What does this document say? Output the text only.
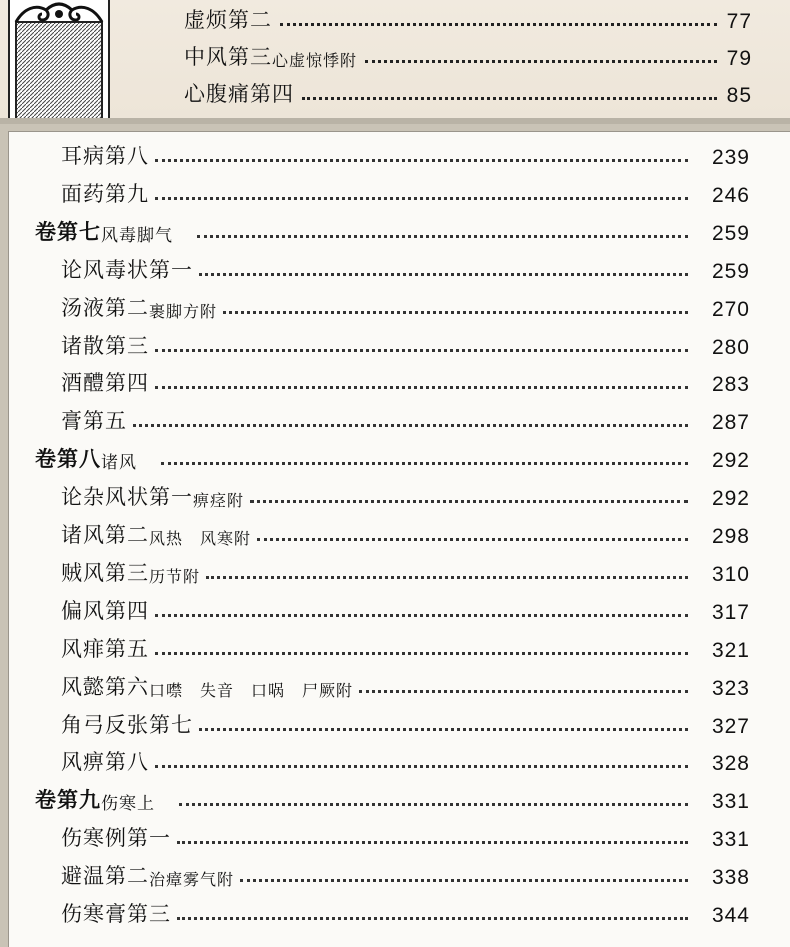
虚烦第二	77
中风第三 心虚惊悸附	79
心腹痛第四	85
耳病第八	239
面药第九	246
卷第七 风毒脚气	259
论风毒状第一	259
汤液第二 裹脚方附	270
诸散第三	280
酒醴第四	283
膏第五	287
卷第八 诸风	292
论杂风状第一 痹痉附	292
诸风第二 风热　风寒附	298
贼风第三 历节附	310
偏风第四	317
风痱第五	321
风懿第六 口噤　失音　口㖞　尸厥附	323
角弓反张第七	327
风痹第八	328
卷第九 伤寒上	331
伤寒例第一	331
避温第二 治瘴雾气附	338
伤寒膏第三	344
